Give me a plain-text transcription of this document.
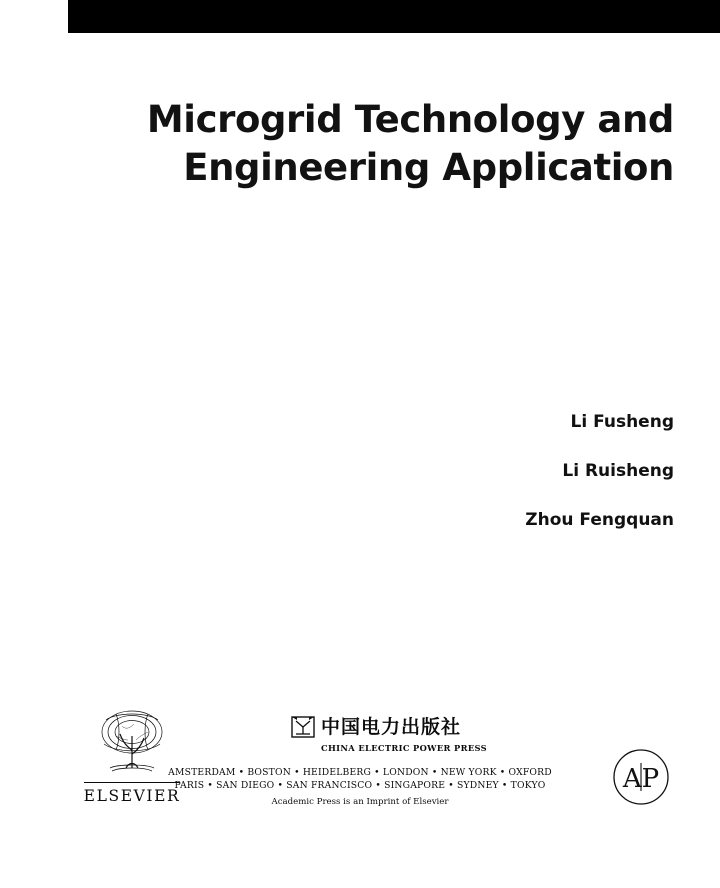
Microgrid Technology and
Engineering Application
Li Fusheng
Li Ruisheng
Zhou Fengquan
ELSEVIER
中国电力出版社
CHINA ELECTRIC POWER PRESS
AP
AMSTERDAM • BOSTON • HEIDELBERG • LONDON • NEW YORK • OXFORD
PARIS • SAN DIEGO • SAN FRANCISCO • SINGAPORE • SYDNEY • TOKYO
Academic Press is an Imprint of Elsevier
